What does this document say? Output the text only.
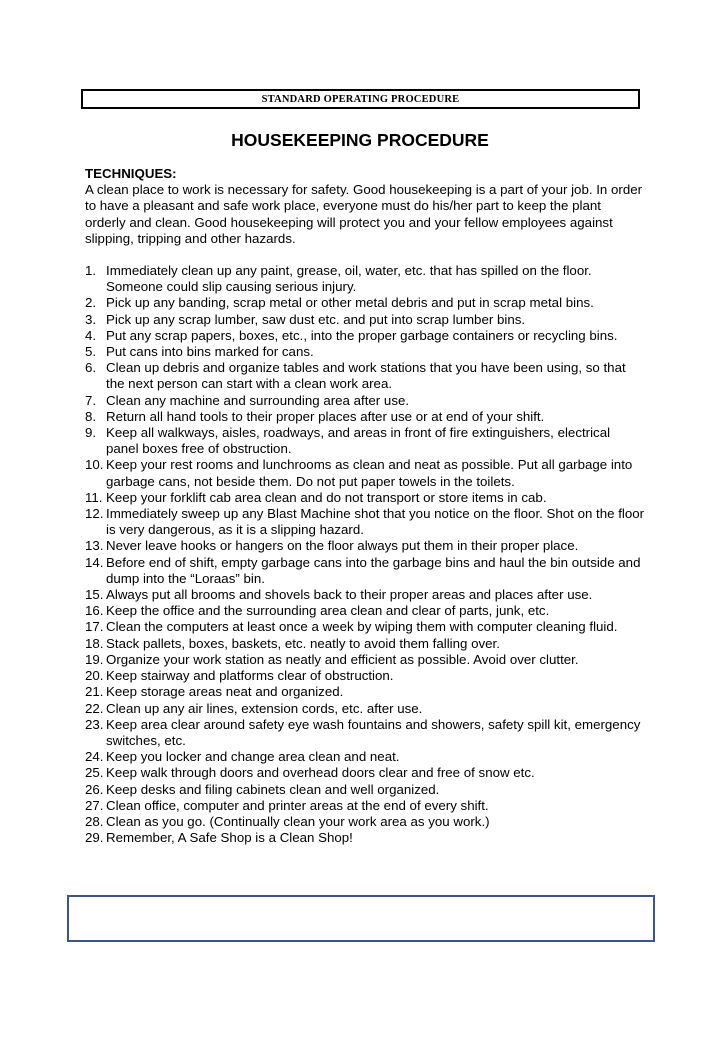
STANDARD OPERATING PROCEDURE
HOUSEKEEPING PROCEDURE
TECHNIQUES:
A clean place to work is necessary for safety. Good housekeeping is a part of your job. In order to have a pleasant and safe work place, everyone must do his/her part to keep the plant orderly and clean. Good housekeeping will protect you and your fellow employees against slipping, tripping and other hazards.
1. Immediately clean up any paint, grease, oil, water, etc. that has spilled on the floor. Someone could slip causing serious injury.
2. Pick up any banding, scrap metal or other metal debris and put in scrap metal bins.
3. Pick up any scrap lumber, saw dust etc. and put into scrap lumber bins.
4. Put any scrap papers, boxes, etc., into the proper garbage containers or recycling bins.
5. Put cans into bins marked for cans.
6. Clean up debris and organize tables and work stations that you have been using, so that the next person can start with a clean work area.
7. Clean any machine and surrounding area after use.
8. Return all hand tools to their proper places after use or at end of your shift.
9. Keep all walkways, aisles, roadways, and areas in front of fire extinguishers, electrical panel boxes free of obstruction.
10. Keep your rest rooms and lunchrooms as clean and neat as possible. Put all garbage into garbage cans, not beside them. Do not put paper towels in the toilets.
11. Keep your forklift cab area clean and do not transport or store items in cab.
12. Immediately sweep up any Blast Machine shot that you notice on the floor. Shot on the floor is very dangerous, as it is a slipping hazard.
13. Never leave hooks or hangers on the floor always put them in their proper place.
14. Before end of shift, empty garbage cans into the garbage bins and haul the bin outside and dump into the “Loraas” bin.
15. Always put all brooms and shovels back to their proper areas and places after use.
16. Keep the office and the surrounding area clean and clear of parts, junk, etc.
17. Clean the computers at least once a week by wiping them with computer cleaning fluid.
18. Stack pallets, boxes, baskets, etc. neatly to avoid them falling over.
19. Organize your work station as neatly and efficient as possible. Avoid over clutter.
20. Keep stairway and platforms clear of obstruction.
21. Keep storage areas neat and organized.
22. Clean up any air lines, extension cords, etc. after use.
23. Keep area clear around safety eye wash fountains and showers, safety spill kit, emergency switches, etc.
24. Keep you locker and change area clean and neat.
25. Keep walk through doors and overhead doors clear and free of snow etc.
26. Keep desks and filing cabinets clean and well organized.
27. Clean office, computer and printer areas at the end of every shift.
28. Clean as you go. (Continually clean your work area as you work.)
29. Remember, A Safe Shop is a Clean Shop!
